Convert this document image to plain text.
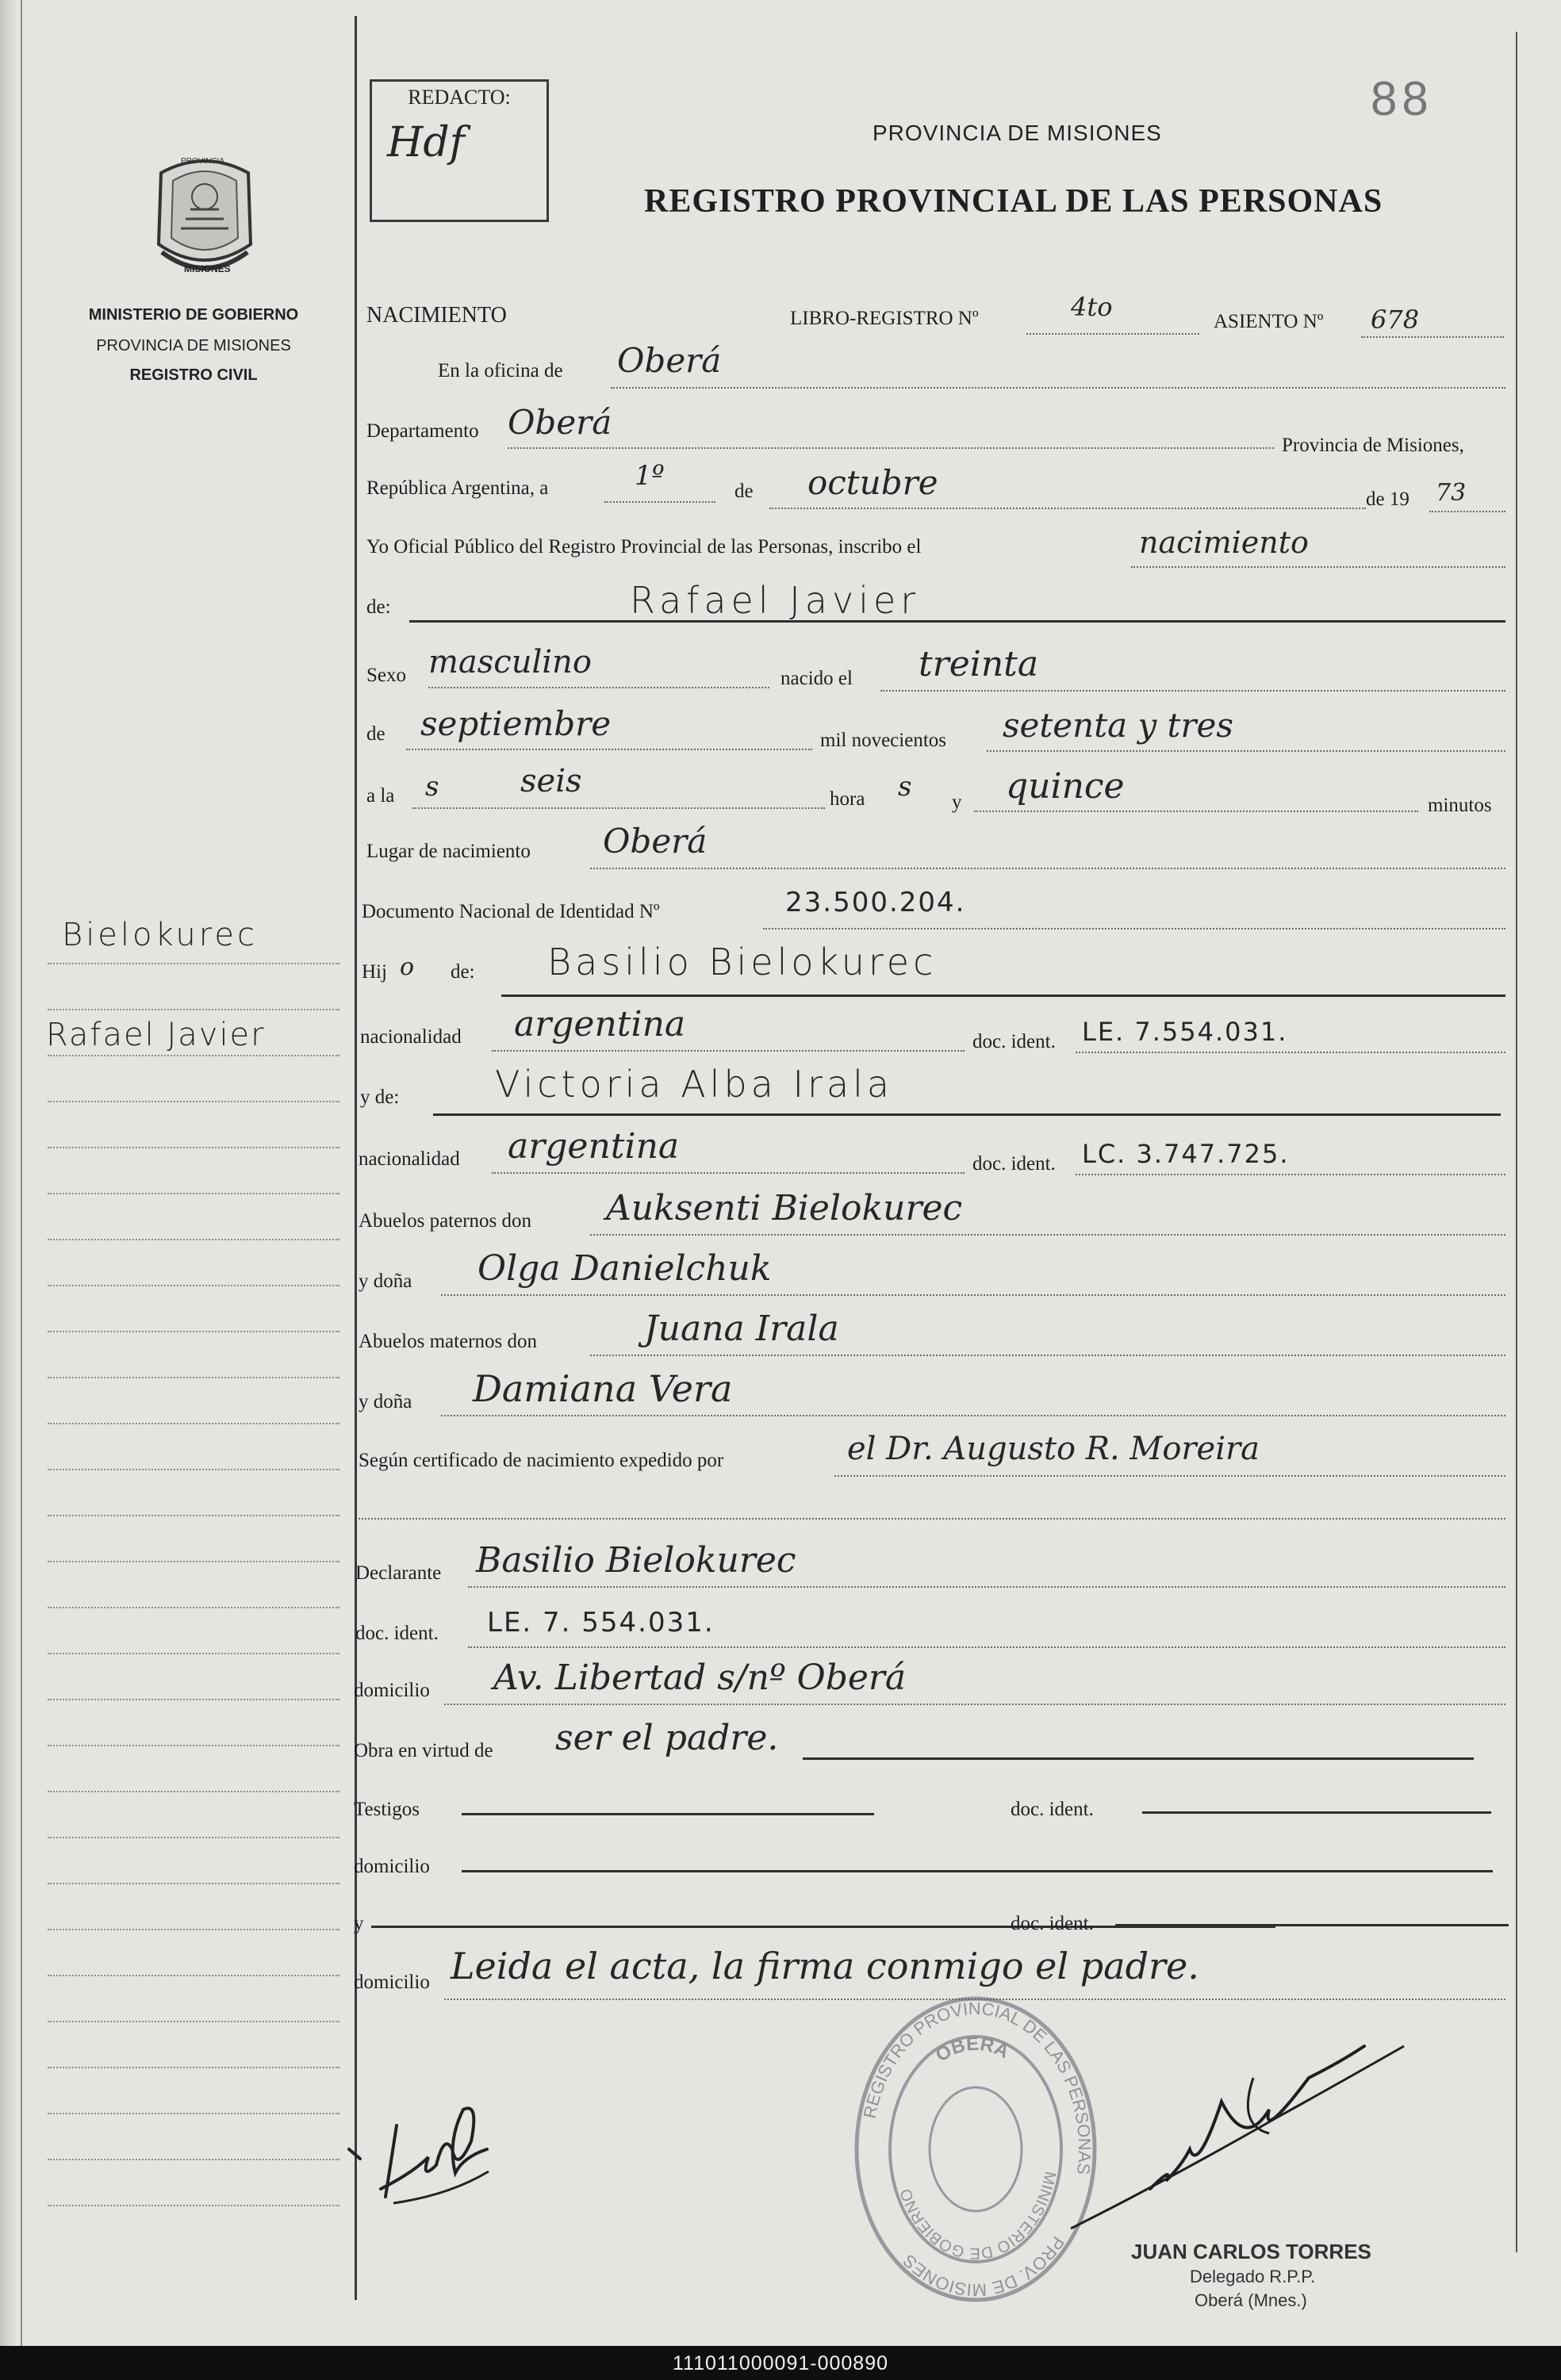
PROVINCIA
MISIONES
MINISTERIO DE GOBIERNO
PROVINCIA DE MISIONES
REGISTRO CIVIL
REDACTO:
Hdf
88
PROVINCIA DE MISIONES
REGISTRO PROVINCIAL DE LAS PERSONAS
NACIMIENTO	LIBRO-REGISTRO Nº	4to	ASIENTO Nº 678
En la oficina de Oberá
Departamento Oberá
Provincia de Misiones,
República Argentina, a	1º	de octubre	de 19 73
Yo Oficial Público del Registro Provincial de las Personas, inscribo el	nacimiento
de:	Rafael Javier
Sexo masculino	nacido el treinta
de septiembre	mil novecientos setenta y tres
a la s	seis	hora s y quince	minutos
Lugar de nacimiento Oberá
Documento Nacional de Identidad Nº	23.500.204.
Hij o de: Basilio Bielokurec
nacionalidad argentina	doc. ident. LE. 7.554.031.
y de:	Victoria Alba Irala
nacionalidad argentina	doc. ident. LC. 3.747.725.
Abuelos paternos don Auksenti Bielokurec
y doña Olga Danielchuk
Abuelos maternos don	Juana Irala
y doña Damiana Vera
Según certificado de nacimiento expedido por	el Dr. Augusto R. Moreira
Declarante Basilio Bielokurec
doc. ident. LE. 7. 554.031.
domicilio Av. Libertad s/nº Oberá
Obra en virtud de ser el padre.
Testigos	doc. ident.
domicilio
y	doc. ident.
domicilio Leida el acta, la firma conmigo el padre.
Bielokurec
Rafael Javier
REGISTRO PROVINCIAL DE LAS PERSONAS
PROV. DE MISIONES
OBERA
MINISTERIO DE GOBIERNO
JUAN CARLOS TORRES
Delegado R.P.P.
Oberá (Mnes.)
111011000091-000890
